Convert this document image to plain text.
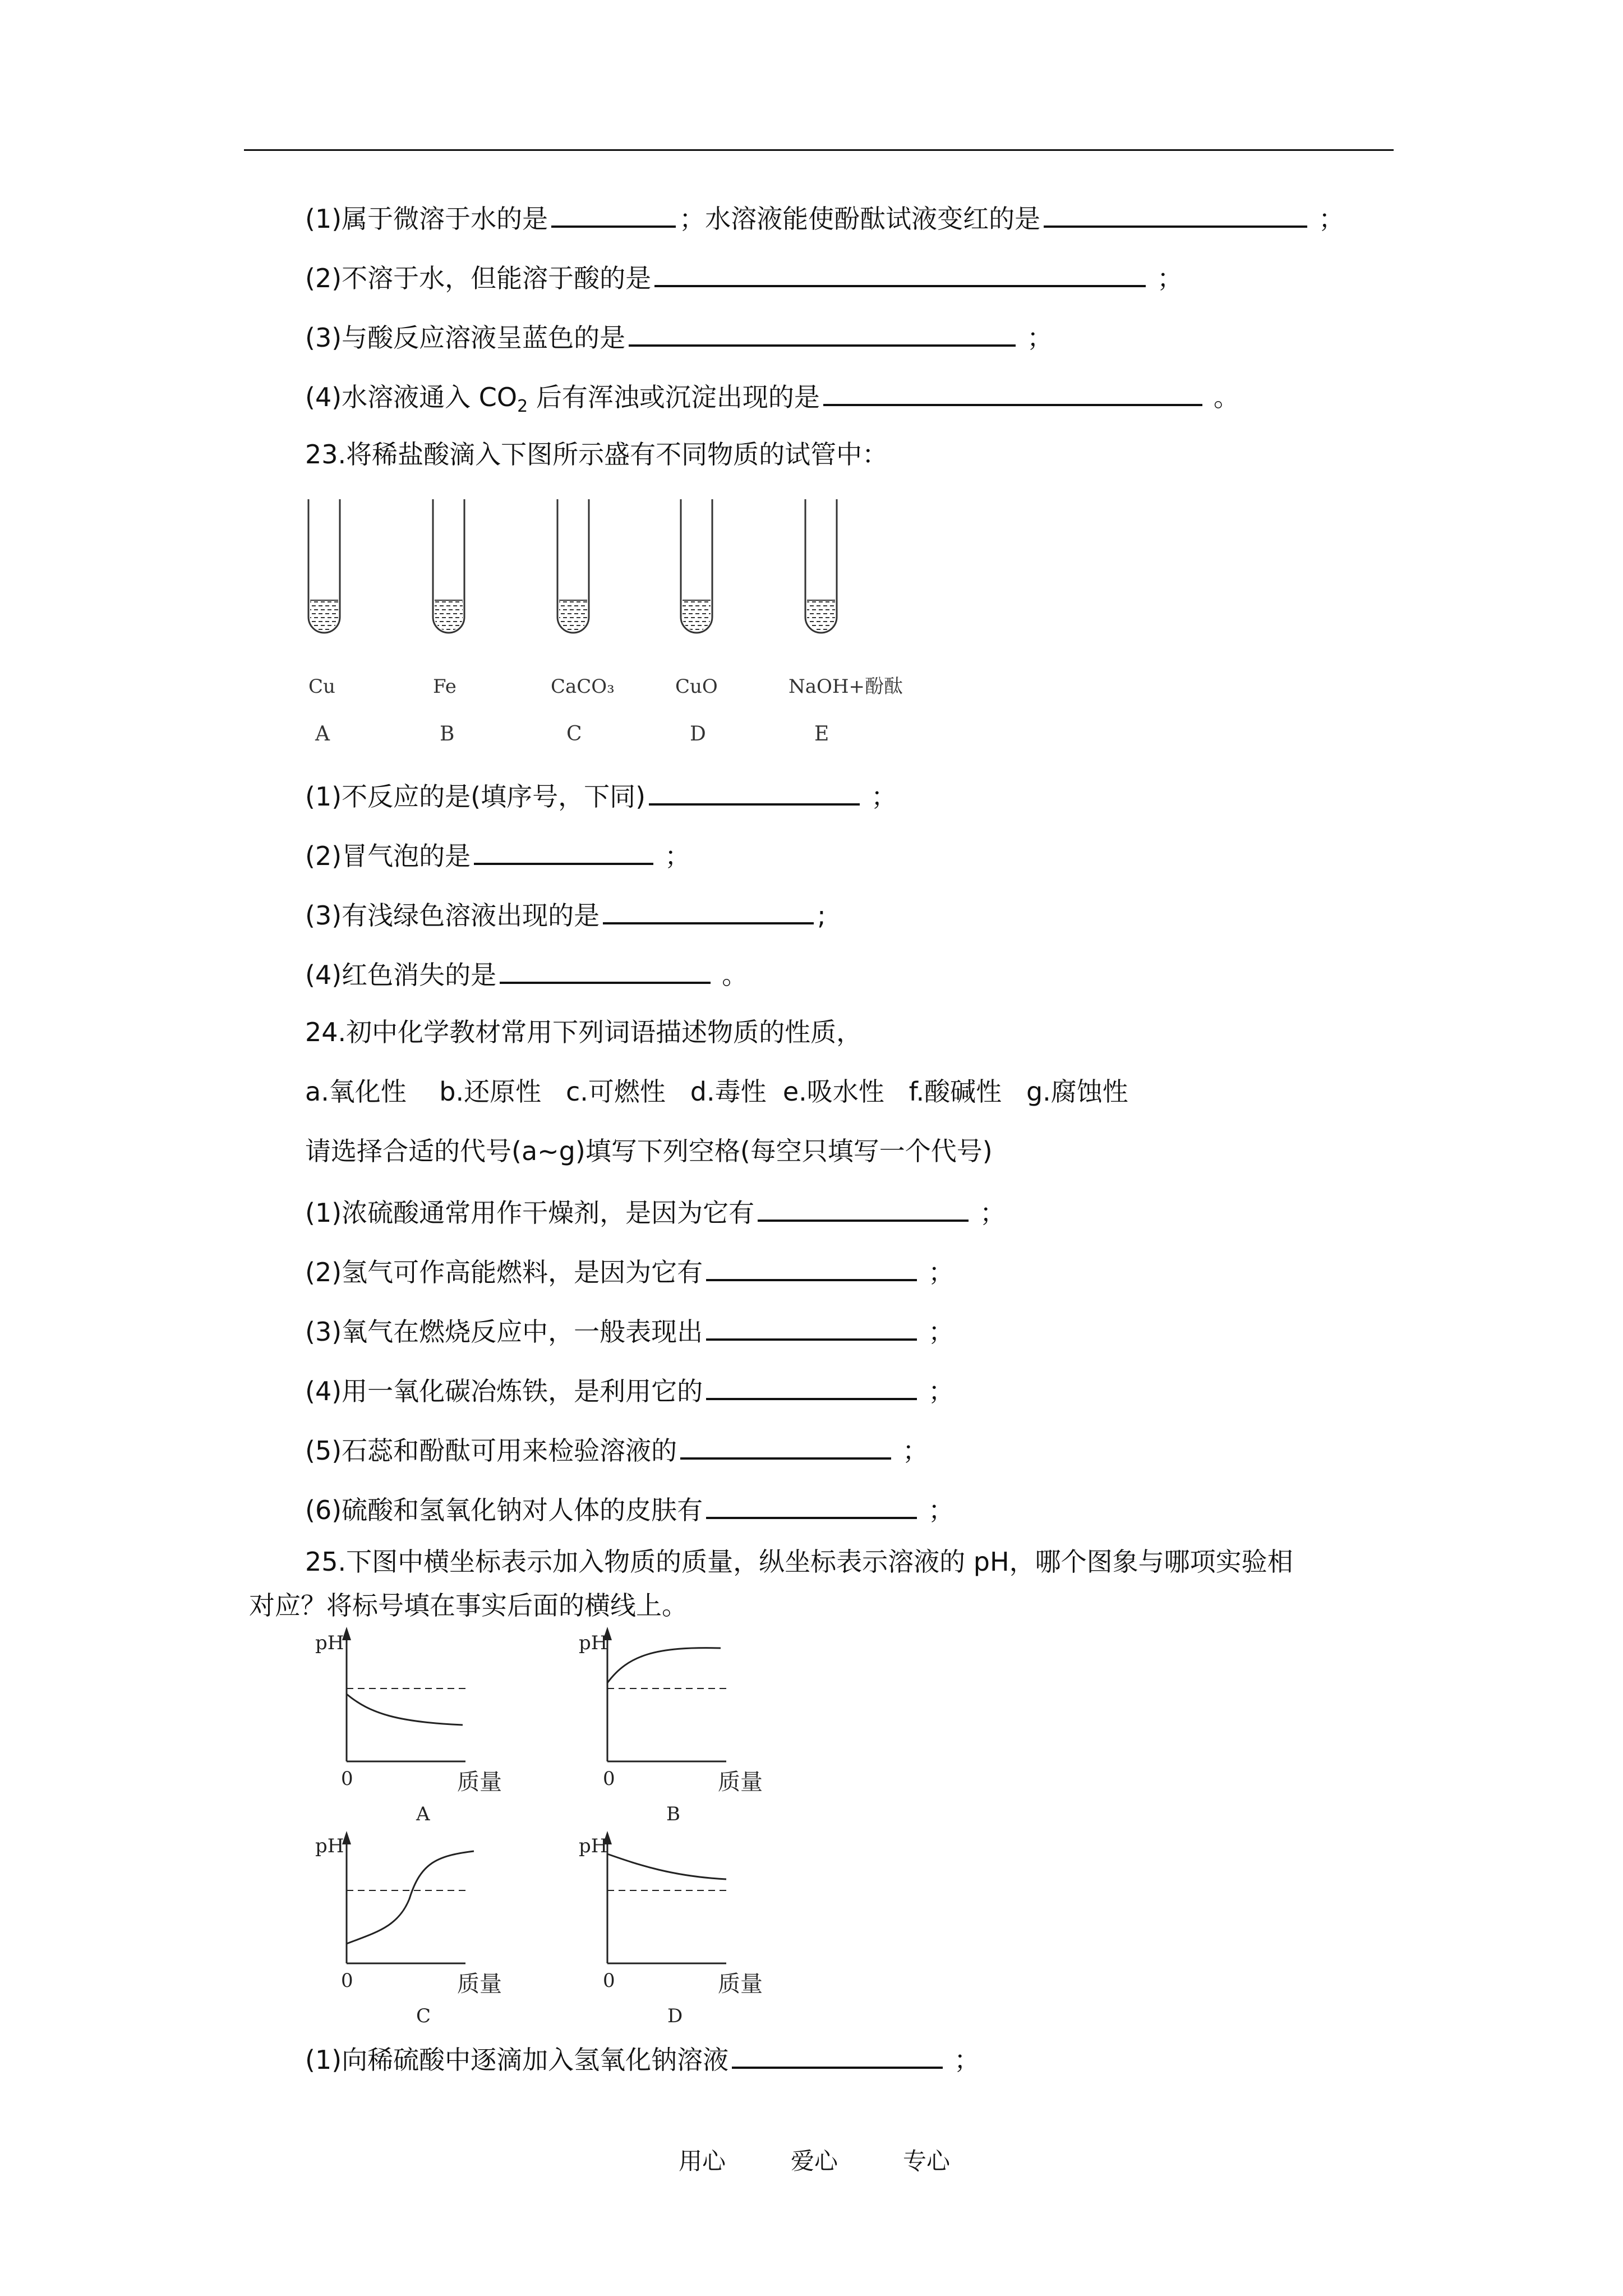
(1)属于微溶于水的是	；水溶液能使酚酞试液变红的是	；
(2)不溶于水，但能溶于酸的是	；
(3)与酸反应溶液呈蓝色的是	；
(4)水溶液通入 $CO_2$ 后有浑浊或沉淀出现的是	。
23.将稀盐酸滴入下图所示盛有不同物质的试管中：
Cu	Fe	CaCO₃	CuO	NaOH+酚酞
A	B	C	D	E
(1)不反应的是(填序号，下同)	；
(2)冒气泡的是	；
(3)有浅绿色溶液出现的是	;
(4)红色消失的是	。
24.初中化学教材常用下列词语描述物质的性质，
a.氧化性    b.还原性   c.可燃性   d.毒性  e.吸水性   f.酸碱性   g.腐蚀性
请选择合适的代号(a~g)填写下列空格(每空只填写一个代号)
(1)浓硫酸通常用作干燥剂，是因为它有	；
(2)氢气可作高能燃料，是因为它有	；
(3)氧气在燃烧反应中，一般表现出	；
(4)用一氧化碳冶炼铁，是利用它的	；
(5)石蕊和酚酞可用来检验溶液的	；
(6)硫酸和氢氧化钠对人体的皮肤有	；
25.下图中横坐标表示加入物质的质量，纵坐标表示溶液的 pH，哪个图象与哪项实验相
对应？将标号填在事实后面的横线上。
pH
0	质量
A
pH
0	质量
B
pH
0	质量
C
pH
0	质量
D
(1)向稀硫酸中逐滴加入氢氧化钠溶液	；
用心	爱心	专心
